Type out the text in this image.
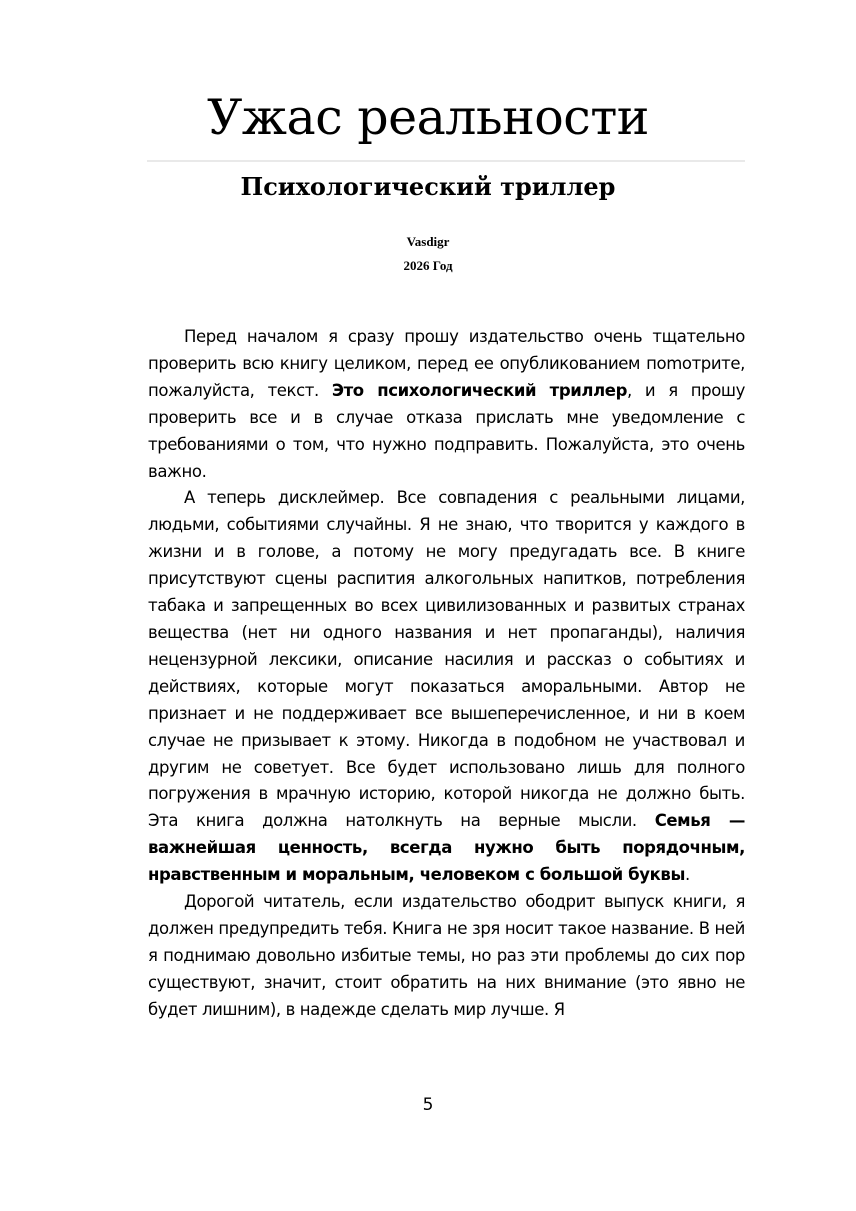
Ужас реальности
Психологический триллер
Vasdigr
2026 Год

Перед началом я сразу прошу издательство очень тщательно проверить всю книгу целиком, перед ее опубликованием поmотрите, пожалуйста, текст. Это психологический триллер, и я прошу проверить все и в случае отказа прислать мне уведомление с требованиями о том, что нужно подправить. Пожалуйста, это очень важно.

А теперь дисклеймер. Все совпадения с реальными лицами, людьми, событиями случайны. Я не знаю, что творится у каждого в жизни и в голове, а потому не могу предугадать все. В книге присутствуют сцены распития алкогольных напитков, потребления табака и запрещенных во всех цивилизованных и развитых странах вещества (нет ни одного названия и нет пропаганды), наличия нецензурной лексики, описание насилия и рассказ о событиях и действиях, которые могут показаться аморальными. Автор не признает и не поддерживает все вышеперечисленное, и ни в коем случае не призывает к этому. Никогда в подобном не участвовал и другим не советует. Все будет использовано лишь для полного погружения в мрачную историю, которой никогда не должно быть. Эта книга должна натолкнуть на верные мысли. Семья — важнейшая ценность, всегда нужно быть порядочным, нравственным и моральным, человеком с большой буквы.

Дорогой читатель, если издательство ободрит выпуск книги, я должен предупредить тебя. Книга не зря носит такое название. В ней я поднимаю довольно избитые темы, но раз эти проблемы до сих пор существуют, значит, стоит обратить на них внимание (это явно не будет лишним), в надежде сделать мир лучше. Я

5
